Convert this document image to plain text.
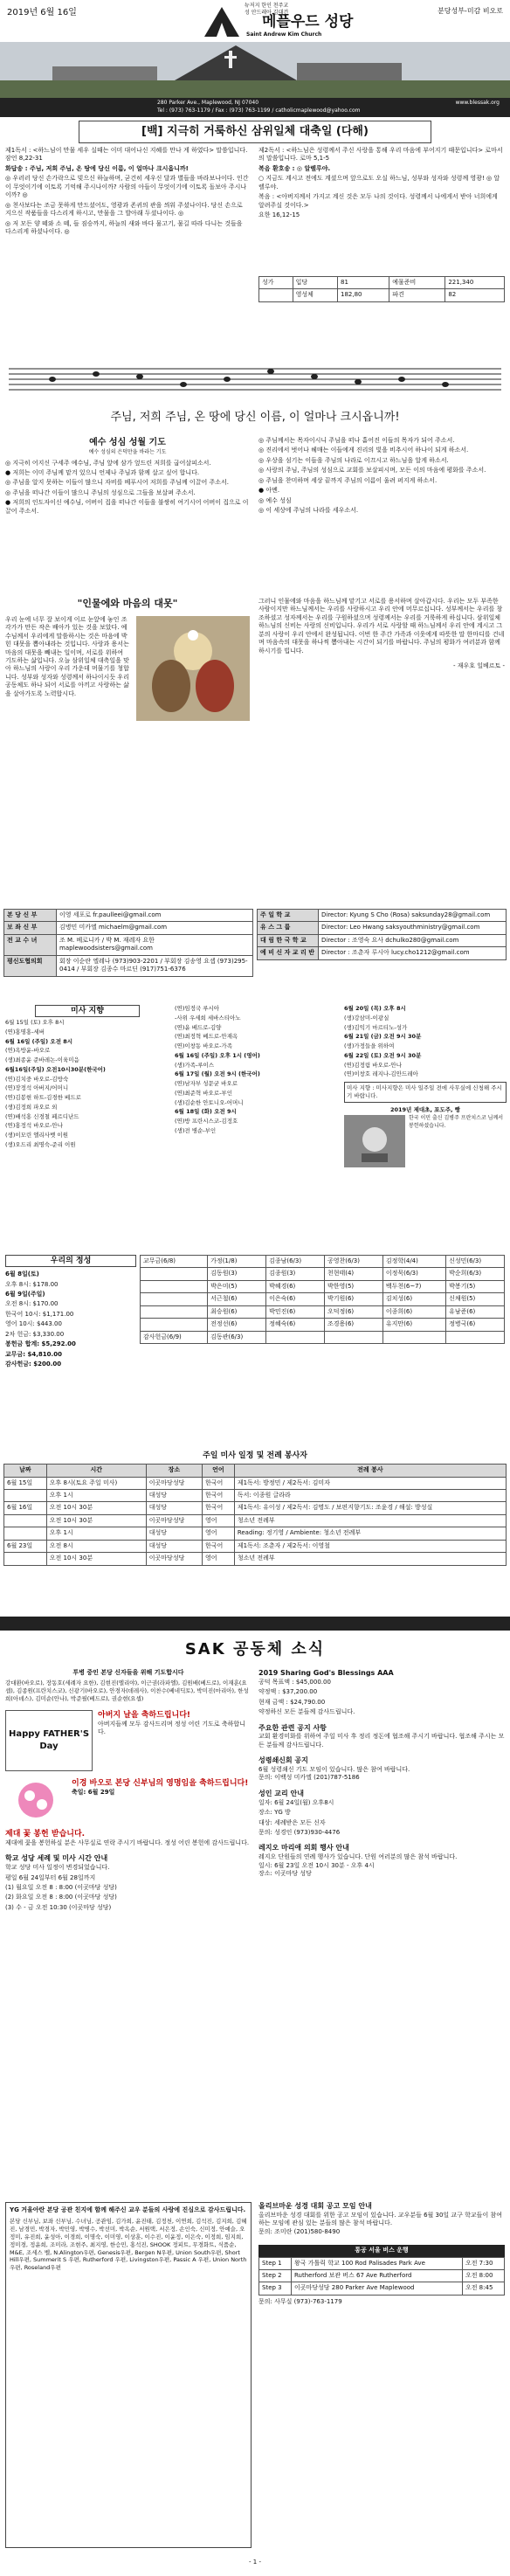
2019년 6월 16일
뉴저지 한인 천주교
성 안드레아 김대건
메플우드 성당
Saint Andrew Kim Church
분당성부-미감 비오로
280 Parker Ave., Maplewood, NJ 07040	www.blessak.org
Tel : (973) 763-1179 / Fax : (973) 763-1199 / catholicmaplewood@yahoo.com
[백] 지극히 거룩하신 삼위일체 대축일 (다해)
제1독서 : <하느님이 만물 세우 실때는 이미 대어나신 지혜를 만나 게 하였다> 말씀입니다. 잠언 8,22-31
화답송 : 주님, 저희 주님, 온 땅에 당신 이름, 이 얼마나 크시옵니까!
◎ 우러러 당신 손가락으로 빚으신 하늘하며, 굳건히 세우신 달과 별들을 바라보나이다. 인간이 무엇이기에 이토록 기억해 주시나이까? 사람의 아들이 무엇이기에 이토록 돌보아 주시나이까? ◎
◎ 천사보다는 조금 못하게 만드셨어도, 영광과 존귀의 관을 씌워 주셨나이다. 당신 손으로 지으신 작품들을 다스리게 하시고, 만물을 그 발아래 두셨나이다. ◎
◎ 저 모든 양 떼와 소 떼, 들 짐승까지, 하늘의 새와 바다 물고기, 물길 따라 다니는 것들을 다스리게 하셨나이다. ◎
제2독서 : <하느님은 성령께서 주신 사랑을 통해 우리 마음에 부어지기 때문입니다> 로마서의 말씀입니다. 로마 5,1-5
복음 환호송 : ◎ 알렐루야.
○ 지금도 계시고 전에도 계셨으며 앞으로도 오실 하느님, 성부와 성자와 성령께 영광! ◎ 알렐루야.
복음 : <아버지께서 가지고 계신 것은 모두 나의 것이다. 성령께서 나에게서 받아 너희에게 알려주실 것이다.>
요한 16,12-15
성가	입당	81	예물준비	221,340
	영성체	182,80	파견	82
주님, 저희 주님, 온 땅에 당신 이름, 이 얼마나 크시옵니까!
예수 성심 성월 기도
예수 성심의 은덕만을 바라는 기도
◎ 지극히 어지신 구세주 예수님, 주님 앞에 삼가 엎드린 저희를 굽어살피소서.
● 저희는 이미 주님께 맡겨 있으니 언제나 주님과 함께 살고 싶어 합니다.
◎ 주님을 알지 못하는 이들이 많으니 자비를 베푸시어 저희를 주님께 이끌어 주소서.
◎ 주님을 떠나간 이들이 많으니 주님의 성심으로 그들을 보살펴 주소서.
● 저희의 인도자이신 예수님, 어버이 집을 떠나간 이들을 불쌍히 여기시어 어버이 집으로 이끌어 주소서.
◎ 주님께서는 목자이시니 주님을 떠나 흩어진 이들의 목자가 되어 주소서.
◎ 진리에서 벗어나 헤매는 이들에게 진리의 빛을 비추시어 하나이 되게 하소서.
◎ 우상을 섬기는 이들을 주님의 나라로 이끄시고 하느님을 알게 하소서.
◎ 사랑의 주님, 주님의 성심으로 교회를 보살피시며, 모든 이의 마음에 평화를 주소서.
◎ 주님을 찬미하며 세상 끝까지 주님의 이름이 울려 퍼지게 하소서.
● 아멘.
◎ 예수 성심
◎ 이 세상에 주님의 나라를 세우소서.
"인물에와 마음의 대못"
우리 눈에 너무 잘 보이게 이르 눈앞에 놓인 조각가가 만든 작은 배아가 있는 것을 보았다. 예수님께서 우리에게 말씀하시는 것은 마음에 박힌 대못을 뽑아내라는 것입니다. 사랑과 용서는 마음의 대못을 빼내는 일이며, 서로를 위하여 기도하는 삶입니다. 오늘 삼위일체 대축일을 맞아 하느님의 사랑이 우리 가운데 머물기를 청합니다. 성부와 성자와 성령께서 하나이시듯 우리 공동체도 하나 되어 서로를 아끼고 사랑하는 삶을 살아가도록 노력합시다.
그러니 인물에와 마음을 하느님께 맡기고 서로를 용서하며 살아갑시다. 우리는 모두 부족한 사람이지만 하느님께서는 우리를 사랑하시고 우리 안에 머무르십니다. 성부께서는 우리를 창조하셨고 성자께서는 우리를 구원하셨으며 성령께서는 우리를 거룩하게 하십니다. 삼위일체 하느님의 신비는 사랑의 신비입니다. 우리가 서로 사랑할 때 하느님께서 우리 안에 계시고 그분의 사랑이 우리 안에서 완성됩니다. 이번 한 주간 가족과 이웃에게 따뜻한 말 한마디를 건네며 마음속의 대못을 하나씩 뽑아내는 시간이 되기를 바랍니다. 주님의 평화가 여러분과 함께하시기를 빕니다.
- 재우호 일베르토 -
본 당 신 부	이영 세포로 fr.paulleei@gmail.com
보 좌 신 부	김병민 미카엘 michaelm@gmail.com
전 교 수 녀	조 M. 베로니카 / 박 M. 재레자 요한 maplewoodsisters@gmail.com
평신도협의회	회장 이순란 엘레나 (973)903-2201 / 부회장 김송영 요셉 (973)295-0414 / 부회장 김종수 마르딘 (917)751-6376
주 일 학 교	Director: Kyung S Cho (Rosa) saksunday28@gmail.com
유 스 그 룹	Director: Leo Hwang saksyouthministry@gmail.com
대 림 한 국 학 교	Director : 조영숙 요사 dchulko280@gmail.com
예 비 신 자 교 리 반	Director : 조춘자 루시아 lucy.cho1212@gmail.com
미사 지향
6월 15일 (토) 오후 8시
(연)홍명홍-세버
6월 16일 (주일) 오전 8시
(연)옥방윤-바오로
(생)최종윤 준바레논-이육미음
6월16일(주일) 오전10시30분(한국어)
(연)김치중 바오로-김방숙
(연)장정석 아버지/어머니
(연)김봉현 하트-김경한 베드로
(생)김정희 파오로 외
(연)배석홍 신경철 페르디난드
(연)홍정석 바오로-안나
(생)이모린 엘리사벳 이원
(생)오드리 최명숙-준리 이원
(연)임정국 루시아
-사위 우세희 세바스티아노
(연)윤 베드로-김양
(연)최정혁 베드로-안재옥
(연)이창동 바오로-가족
6월 16일 (주일) 오후 1시 (영어)
(생)가족-루이스
6월 17일 (월) 오전 9시 (한국어)
(연)남자부 성문균 바오로
(연)최준혁 바오로-부인
(생)김순한 안토니오-어머니
6월 18일 (화) 오전 9시
(연)방 프란시스코-김정호
(생)전 병순-부인
6월 20일 (목) 오후 8시
(생)강삼미-이광실
(생)김익기 마르티노-성가
6월 21일 (금) 오전 9시 30분
(생)가정들을 위하여
6월 22일 (토) 오전 9시 30분
(연)김정림 바오로-안나
(연)이창호 레지나-김안드레아
미사 지향 : 미사지향은 미사 일주일 전에 사무실에 신청해 주시기 바랍니다.
2019년 제대초, 포도주, 빵
한국 이민 출신 김병주 프란치스코 님께서 봉헌하셨습니다.
우리의 정성
6월 8일(토)
오후 8시: $178.00
6월 9일(주일)
오전 8시: $170.00
한국어 10시: $1,171.00
영어 10시: $443.00
2차 헌금: $3,330.00
봉헌금 합계: $5,292.00
교무금: $4,810.00
감사헌금: $200.00
교무금(6/8)	가정(1/8)	김종남(6/3)	공영찬(6/3)	김정학(4/4)	신성민(6/3)
	김동원(3)	김종원(3)	천현태(4)	이정묵(6/3)	박순희(6/3)
	박은미(5)	박혜경(6)	박한영(5)	백두천(6~7)	박봉기(5)
	서근철(6)	이은숙(6)	박기원(6)	김치성(6)	신채원(5)
	최승원(6)	박민진(6)	오덕정(6)	이종희(6)	유남준(6)
	전정선(6)	정혜숙(6)	조경용(6)	유지만(6)	정병국(6)
감사헌금(6/9)	김동관(6/3)				
주일 미사 일정 및 전례 봉사자
날짜	시간	장소	언어	전례 봉사
6월 15일	오후 8시(토요 주일 미사)	이곳마당성당	한국어	제1독서: 방정민 / 제2독서: 김미자
	오후 1시	대성당	한국어	독서: 이종원 글라라
6월 16일	오전 10시 30분	대성당	한국어	제1독서: 유이성 / 제2독서: 김명도 / 보편지향기도: 조윤경 / 해설: 방성실
	오전 10시 30분	이곳마당성당	영어	청소년 전례부
	오후 1시	대성당	영어	Reading: 정기영 / Ambiente: 청소년 전례부
6월 23일	오전 8시	대성당	한국어	제1독서: 조춘자 / 제2독서: 이영철
	오전 10시 30분	이곳마당성당	영어	청소년 전례부
SAK 공동체 소식
투병 중인 본당 신자들을 위해 기도합시다
강대환(바오로), 장동호(세례자 요한), 김현진(엘리야), 이근권(라파엘), 김원배(베드로), 이재훈(요셉), 김종원(프란치스코), 신광기(바오로), 안경자(데레사), 이찬수(베네딕토), 박미진(마리아), 한성희(아녜스), 김미순(안나), 박준필(베드로), 권순현(요셉)
Happy FATHER'S Day
아버지 날을 축하드립니다!
아버지들께 모두 감사드리며 정성 어린 기도로 축하합니다.
이경 바오로 본당 신부님의 영명임을 축하드립니다!
축일: 6월 29일
제대 꽃 봉헌 받습니다.
제대에 꽃을 봉헌하실 분은 사무실로 연락 주시기 바랍니다. 정성 어린 봉헌에 감사드립니다.
학교 성당 세례 및 미사 시간 안내
학교 성당 미사 일정이 변경되었습니다.
평일 6월 24일부터 6월 28일까지
(1) 월요일 오전 8 : 8:00 (이곳마당 성당)
(2) 화요일 오전 8 : 8:00 (이곳마당 성당)
(3) 수 - 금 오전 10:30 (이곳마당 성당)
2019 Sharing God's Blessings AAA
공덕 목표액 : $45,000.00
약정액 : $37,200.00
현재 금액 : $24,790.00
약정하신 모든 분들께 감사드립니다.
주요한 관련 공지 사항
교회 환경미화를 위하여 주일 미사 후 정리 정돈에 협조해 주시기 바랍니다. 협조해 주시는 모든 분들께 감사드립니다.
성령쇄신회 공지
6월 성령쇄신 기도 모임이 있습니다. 많은 참여 바랍니다.
문의: 이백성 미카엘 (201)787-5186
성인 교리 안내
일자: 6월 24일(월) 오후8시
장소: YG 방
대상: 세례받은 모든 신자
문의: 성경인 (973)930-4476
레지오 마리애 의회 행사 안내
레지오 단원들의 연례 행사가 있습니다. 단원 여러분의 많은 참석 바랍니다.
일시: 6월 23일 오전 10시 30분 - 오후 4시
장소: 이곳마당 성당
YG 거울아란 본당 공관 친지에 함께 해주신 교우 분들의 사랑에 진심으로 감사드립니다.
본당 신부님, 보좌 신부님, 수녀님, 공관임, 김가희, 윤진태, 김정천, 이연희, 김석진, 김지희, 김혜진, 남경민, 박경자, 박민영, 박병수, 박선미, 박옥순, 서원택, 서은정, 손인숙, 신미정, 안예슬, 오정미, 유진희, 윤성아, 이경희, 이명숙, 이미영, 이상훈, 이수진, 이윤정, 이은숙, 이정희, 임지희, 정미경, 정윤희, 조미라, 조현주, 최지영, 한승민, 홍석진, SHOOK 정피트, 무경화트, 식품순, M&E, 조세스 벨, N.Alington우편, Genesis우편, Bergen N우편, Union South우편, Short Hill우편, Summerit S 우편, Rutherford 우편, Livingston우편, Passic A 우편, Union North우편, Roseland우편
올리브마운 성경 대회 공고 모임 안내
올리브마운 성경 대회를 위한 공고 모임이 있습니다. 교우분들 6월 30일 교구 학교들이 참여하는 모임에 관심 있는 분들의 많은 참석 바랍니다.
문의: 조미란 (201)580-8490
통공 서울 버스 운행
Step 1	왕국 가톨릭 학교 100 Rod Palisades Park Ave	오전 7:30
Step 2	Rutherford 보관 버스 67 Ave Rutherford	오전 8:00
Step 3	이곳마당성당 280 Parker Ave Maplewood	오전 8:45
문의: 사무실 (973)-763-1179
- 1 -
